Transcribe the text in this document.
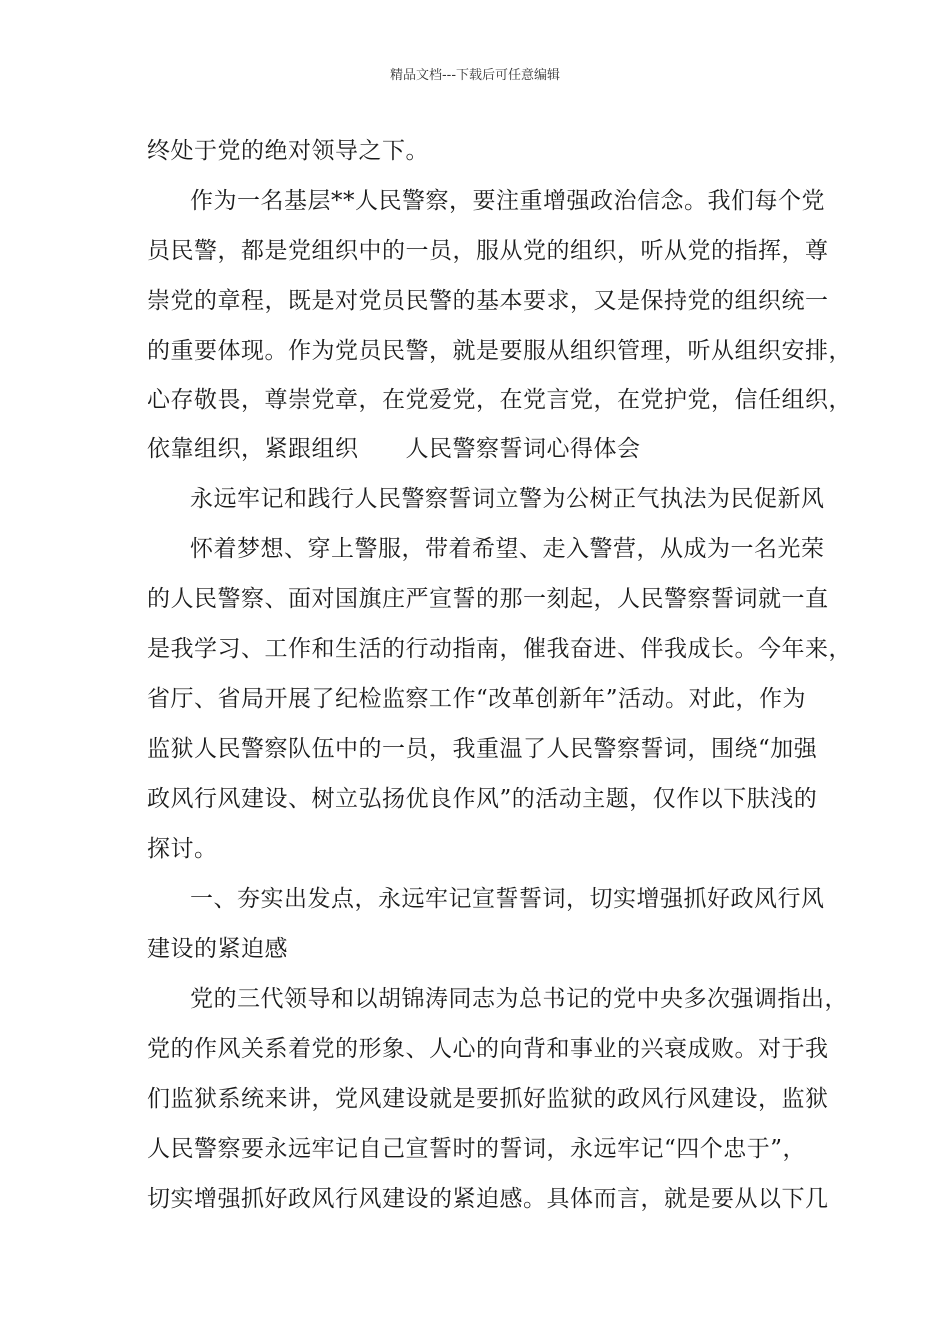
精品文档---下载后可任意编辑
终处于党的绝对领导之下。
作为一名基层**人民警察，要注重增强政治信念。我们每个党
员民警，都是党组织中的一员，服从党的组织，听从党的指挥，尊
崇党的章程，既是对党员民警的基本要求，又是保持党的组织统一
的重要体现。作为党员民警，就是要服从组织管理，听从组织安排，
心存敬畏，尊崇党章，在党爱党，在党言党，在党护党，信任组织，
依靠组织，紧跟组织　　人民警察誓词心得体会
永远牢记和践行人民警察誓词立警为公树正气执法为民促新风
怀着梦想、穿上警服，带着希望、走入警营，从成为一名光荣
的人民警察、面对国旗庄严宣誓的那一刻起，人民警察誓词就一直
是我学习、工作和生活的行动指南，催我奋进、伴我成长。今年来，
省厅、省局开展了纪检监察工作“改革创新年”活动。对此，作为
监狱人民警察队伍中的一员，我重温了人民警察誓词，围绕“加强
政风行风建设、树立弘扬优良作风”的活动主题，仅作以下肤浅的
探讨。
一、夯实出发点，永远牢记宣誓誓词，切实增强抓好政风行风
建设的紧迫感
党的三代领导和以胡锦涛同志为总书记的党中央多次强调指出，
党的作风关系着党的形象、人心的向背和事业的兴衰成败。对于我
们监狱系统来讲，党风建设就是要抓好监狱的政风行风建设，监狱
人民警察要永远牢记自己宣誓时的誓词，永远牢记“四个忠于”，
切实增强抓好政风行风建设的紧迫感。具体而言，就是要从以下几
